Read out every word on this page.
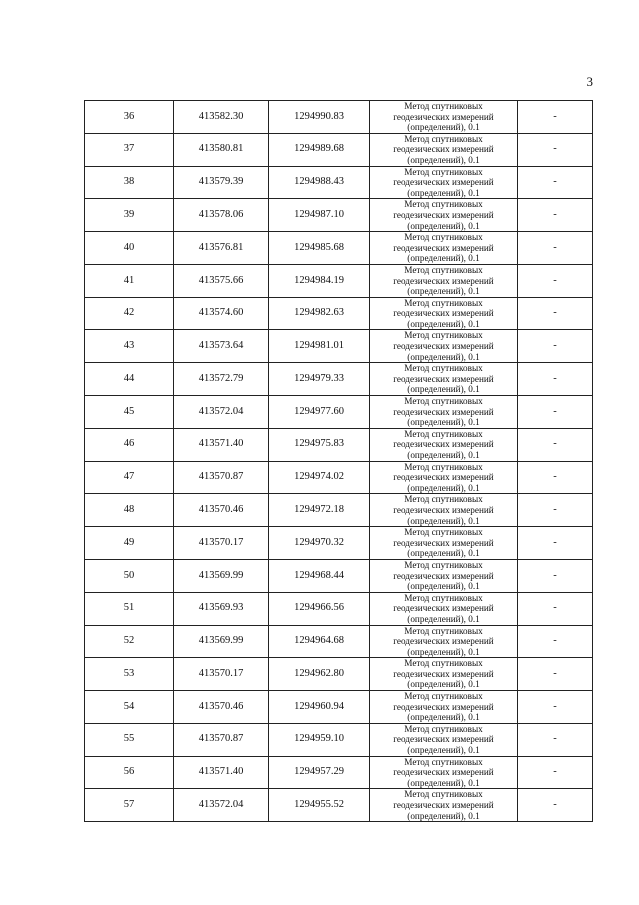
3
36	413582.30	1294990.83	Метод спутниковых
геодезических измерений
(определений), 0.1	-
37	413580.81	1294989.68	Метод спутниковых
геодезических измерений
(определений), 0.1	-
38	413579.39	1294988.43	Метод спутниковых
геодезических измерений
(определений), 0.1	-
39	413578.06	1294987.10	Метод спутниковых
геодезических измерений
(определений), 0.1	-
40	413576.81	1294985.68	Метод спутниковых
геодезических измерений
(определений), 0.1	-
41	413575.66	1294984.19	Метод спутниковых
геодезических измерений
(определений), 0.1	-
42	413574.60	1294982.63	Метод спутниковых
геодезических измерений
(определений), 0.1	-
43	413573.64	1294981.01	Метод спутниковых
геодезических измерений
(определений), 0.1	-
44	413572.79	1294979.33	Метод спутниковых
геодезических измерений
(определений), 0.1	-
45	413572.04	1294977.60	Метод спутниковых
геодезических измерений
(определений), 0.1	-
46	413571.40	1294975.83	Метод спутниковых
геодезических измерений
(определений), 0.1	-
47	413570.87	1294974.02	Метод спутниковых
геодезических измерений
(определений), 0.1	-
48	413570.46	1294972.18	Метод спутниковых
геодезических измерений
(определений), 0.1	-
49	413570.17	1294970.32	Метод спутниковых
геодезических измерений
(определений), 0.1	-
50	413569.99	1294968.44	Метод спутниковых
геодезических измерений
(определений), 0.1	-
51	413569.93	1294966.56	Метод спутниковых
геодезических измерений
(определений), 0.1	-
52	413569.99	1294964.68	Метод спутниковых
геодезических измерений
(определений), 0.1	-
53	413570.17	1294962.80	Метод спутниковых
геодезических измерений
(определений), 0.1	-
54	413570.46	1294960.94	Метод спутниковых
геодезических измерений
(определений), 0.1	-
55	413570.87	1294959.10	Метод спутниковых
геодезических измерений
(определений), 0.1	-
56	413571.40	1294957.29	Метод спутниковых
геодезических измерений
(определений), 0.1	-
57	413572.04	1294955.52	Метод спутниковых
геодезических измерений
(определений), 0.1	-
